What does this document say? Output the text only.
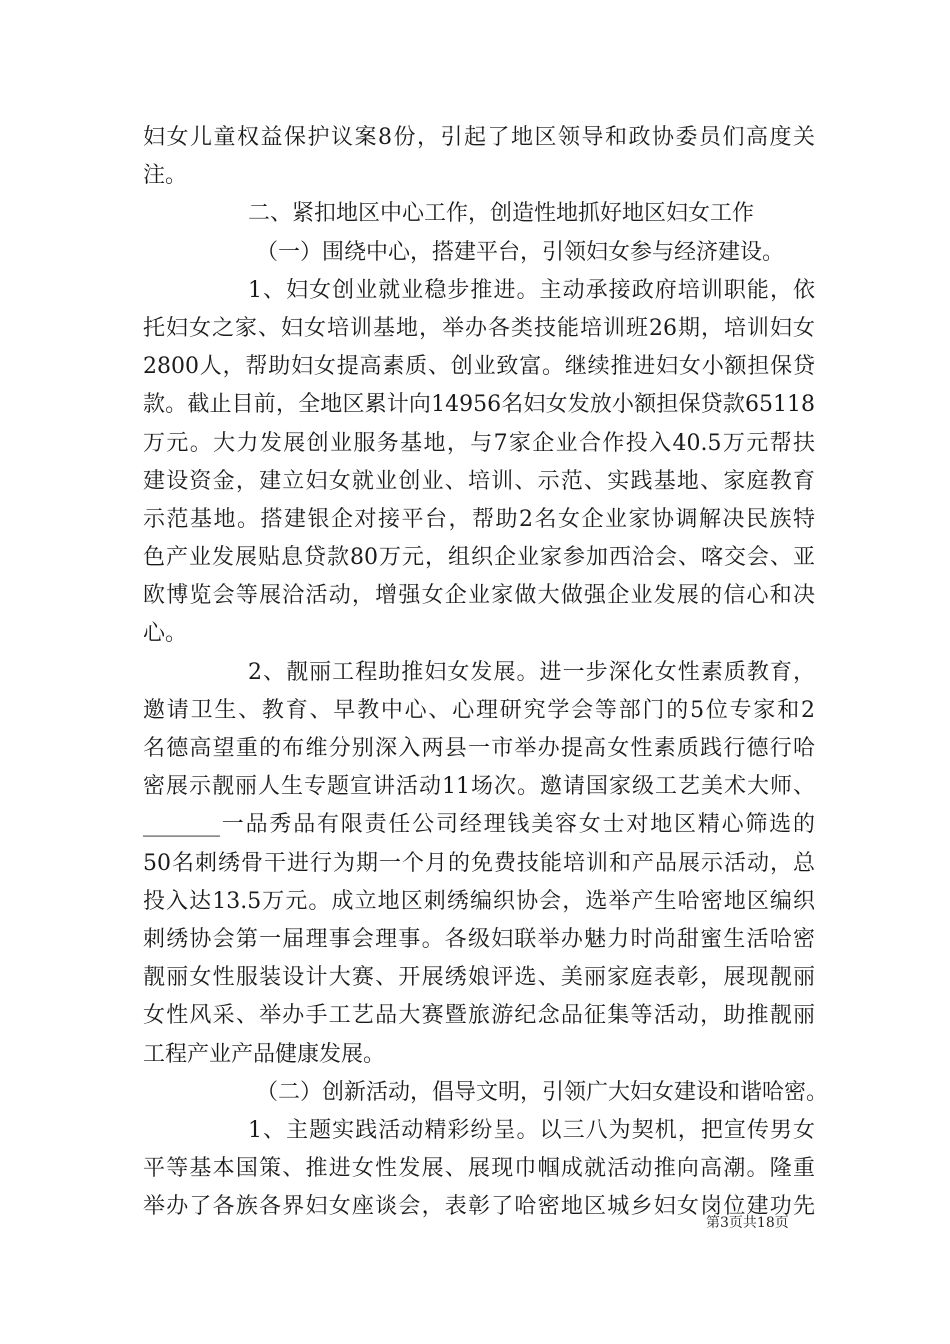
妇女儿童权益保护议案8份，引起了地区领导和政协委员们高度关
注。
二、紧扣地区中心工作，创造性地抓好地区妇女工作
（一）围绕中心，搭建平台，引领妇女参与经济建设。
1、妇女创业就业稳步推进。主动承接政府培训职能，依
托妇女之家、妇女培训基地，举办各类技能培训班26期，培训妇女
2800人，帮助妇女提高素质、创业致富。继续推进妇女小额担保贷
款。截止目前，全地区累计向14956名妇女发放小额担保贷款65118
万元。大力发展创业服务基地，与7家企业合作投入40.5万元帮扶
建设资金，建立妇女就业创业、培训、示范、实践基地、家庭教育
示范基地。搭建银企对接平台，帮助2名女企业家协调解决民族特
色产业发展贴息贷款80万元，组织企业家参加西洽会、喀交会、亚
欧博览会等展洽活动，增强女企业家做大做强企业发展的信心和决
心。
2、靓丽工程助推妇女发展。进一步深化女性素质教育，
邀请卫生、教育、早教中心、心理研究学会等部门的5位专家和2
名德高望重的布维分别深入两县一市举办提高女性素质践行德行哈
密展示靓丽人生专题宣讲活动11场次。邀请国家级工艺美术大师、
_______一品秀品有限责任公司经理钱美容女士对地区精心筛选的
50名刺绣骨干进行为期一个月的免费技能培训和产品展示活动，总
投入达13.5万元。成立地区刺绣编织协会，选举产生哈密地区编织
刺绣协会第一届理事会理事。各级妇联举办魅力时尚甜蜜生活哈密
靓丽女性服装设计大赛、开展绣娘评选、美丽家庭表彰，展现靓丽
女性风采、举办手工艺品大赛暨旅游纪念品征集等活动，助推靓丽
工程产业产品健康发展。
（二）创新活动，倡导文明，引领广大妇女建设和谐哈密。
1、主题实践活动精彩纷呈。以三八为契机，把宣传男女
平等基本国策、推进女性发展、展现巾帼成就活动推向高潮。隆重
举办了各族各界妇女座谈会，表彰了哈密地区城乡妇女岗位建功先
第3页共18页
